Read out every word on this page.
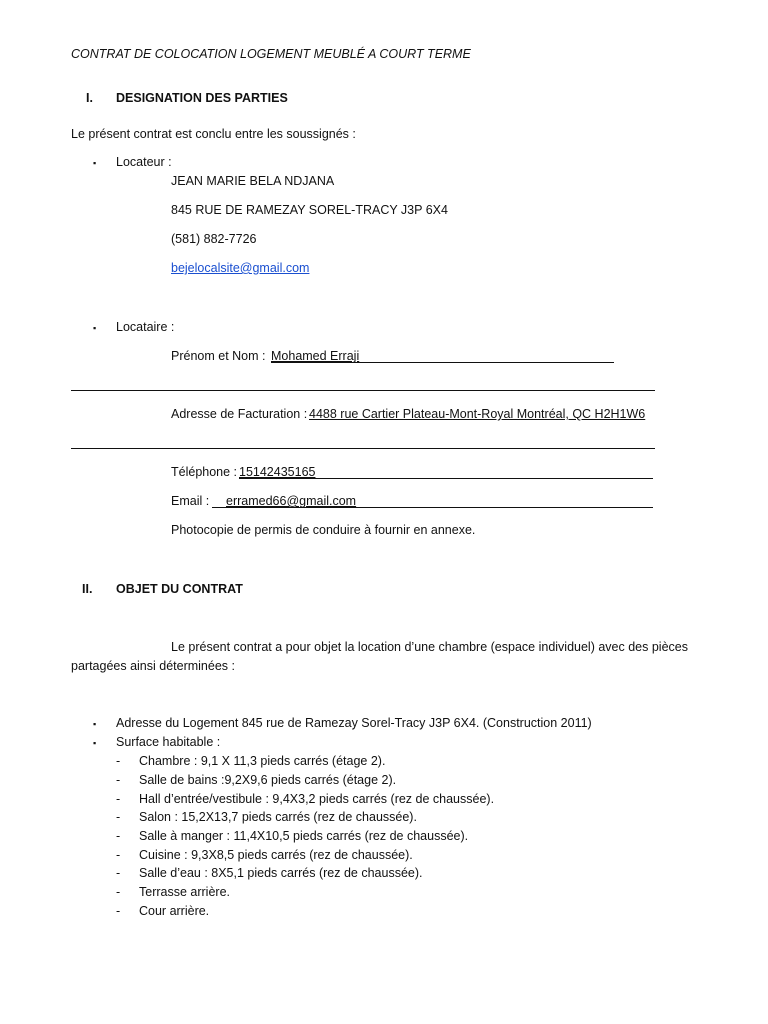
CONTRAT DE COLOCATION LOGEMENT MEUBLÉ A COURT TERME
I. DESIGNATION DES PARTIES
Le présent contrat est conclu entre les soussignés :
▪ Locateur :
JEAN MARIE BELA NDJANA
845 RUE DE RAMEZAY SOREL-TRACY J3P 6X4
(581) 882-7726
bejelocalsite@gmail.com
▪ Locataire :
Prénom et Nom : Mohamed Erraji
Adresse de Facturation : 4488 rue Cartier Plateau-Mont-Royal Montréal, QC H2H1W6
Téléphone : 15142435165
Email : erramed66@gmail.com
Photocopie de permis de conduire à fournir en annexe.
II. OBJET DU CONTRAT
Le présent contrat a pour objet la location d’une chambre (espace individuel) avec des pièces
partagées ainsi déterminées :
▪ Adresse du Logement 845 rue de Ramezay Sorel-Tracy J3P 6X4. (Construction 2011)
▪ Surface habitable :
- Chambre : 9,1 X 11,3 pieds carrés (étage 2).
- Salle de bains :9,2X9,6 pieds carrés (étage 2).
- Hall d’entrée/vestibule : 9,4X3,2 pieds carrés (rez de chaussée).
- Salon : 15,2X13,7 pieds carrés (rez de chaussée).
- Salle à manger : 11,4X10,5 pieds carrés (rez de chaussée).
- Cuisine : 9,3X8,5 pieds carrés (rez de chaussée).
- Salle d’eau : 8X5,1 pieds carrés (rez de chaussée).
- Terrasse arrière.
- Cour arrière.
